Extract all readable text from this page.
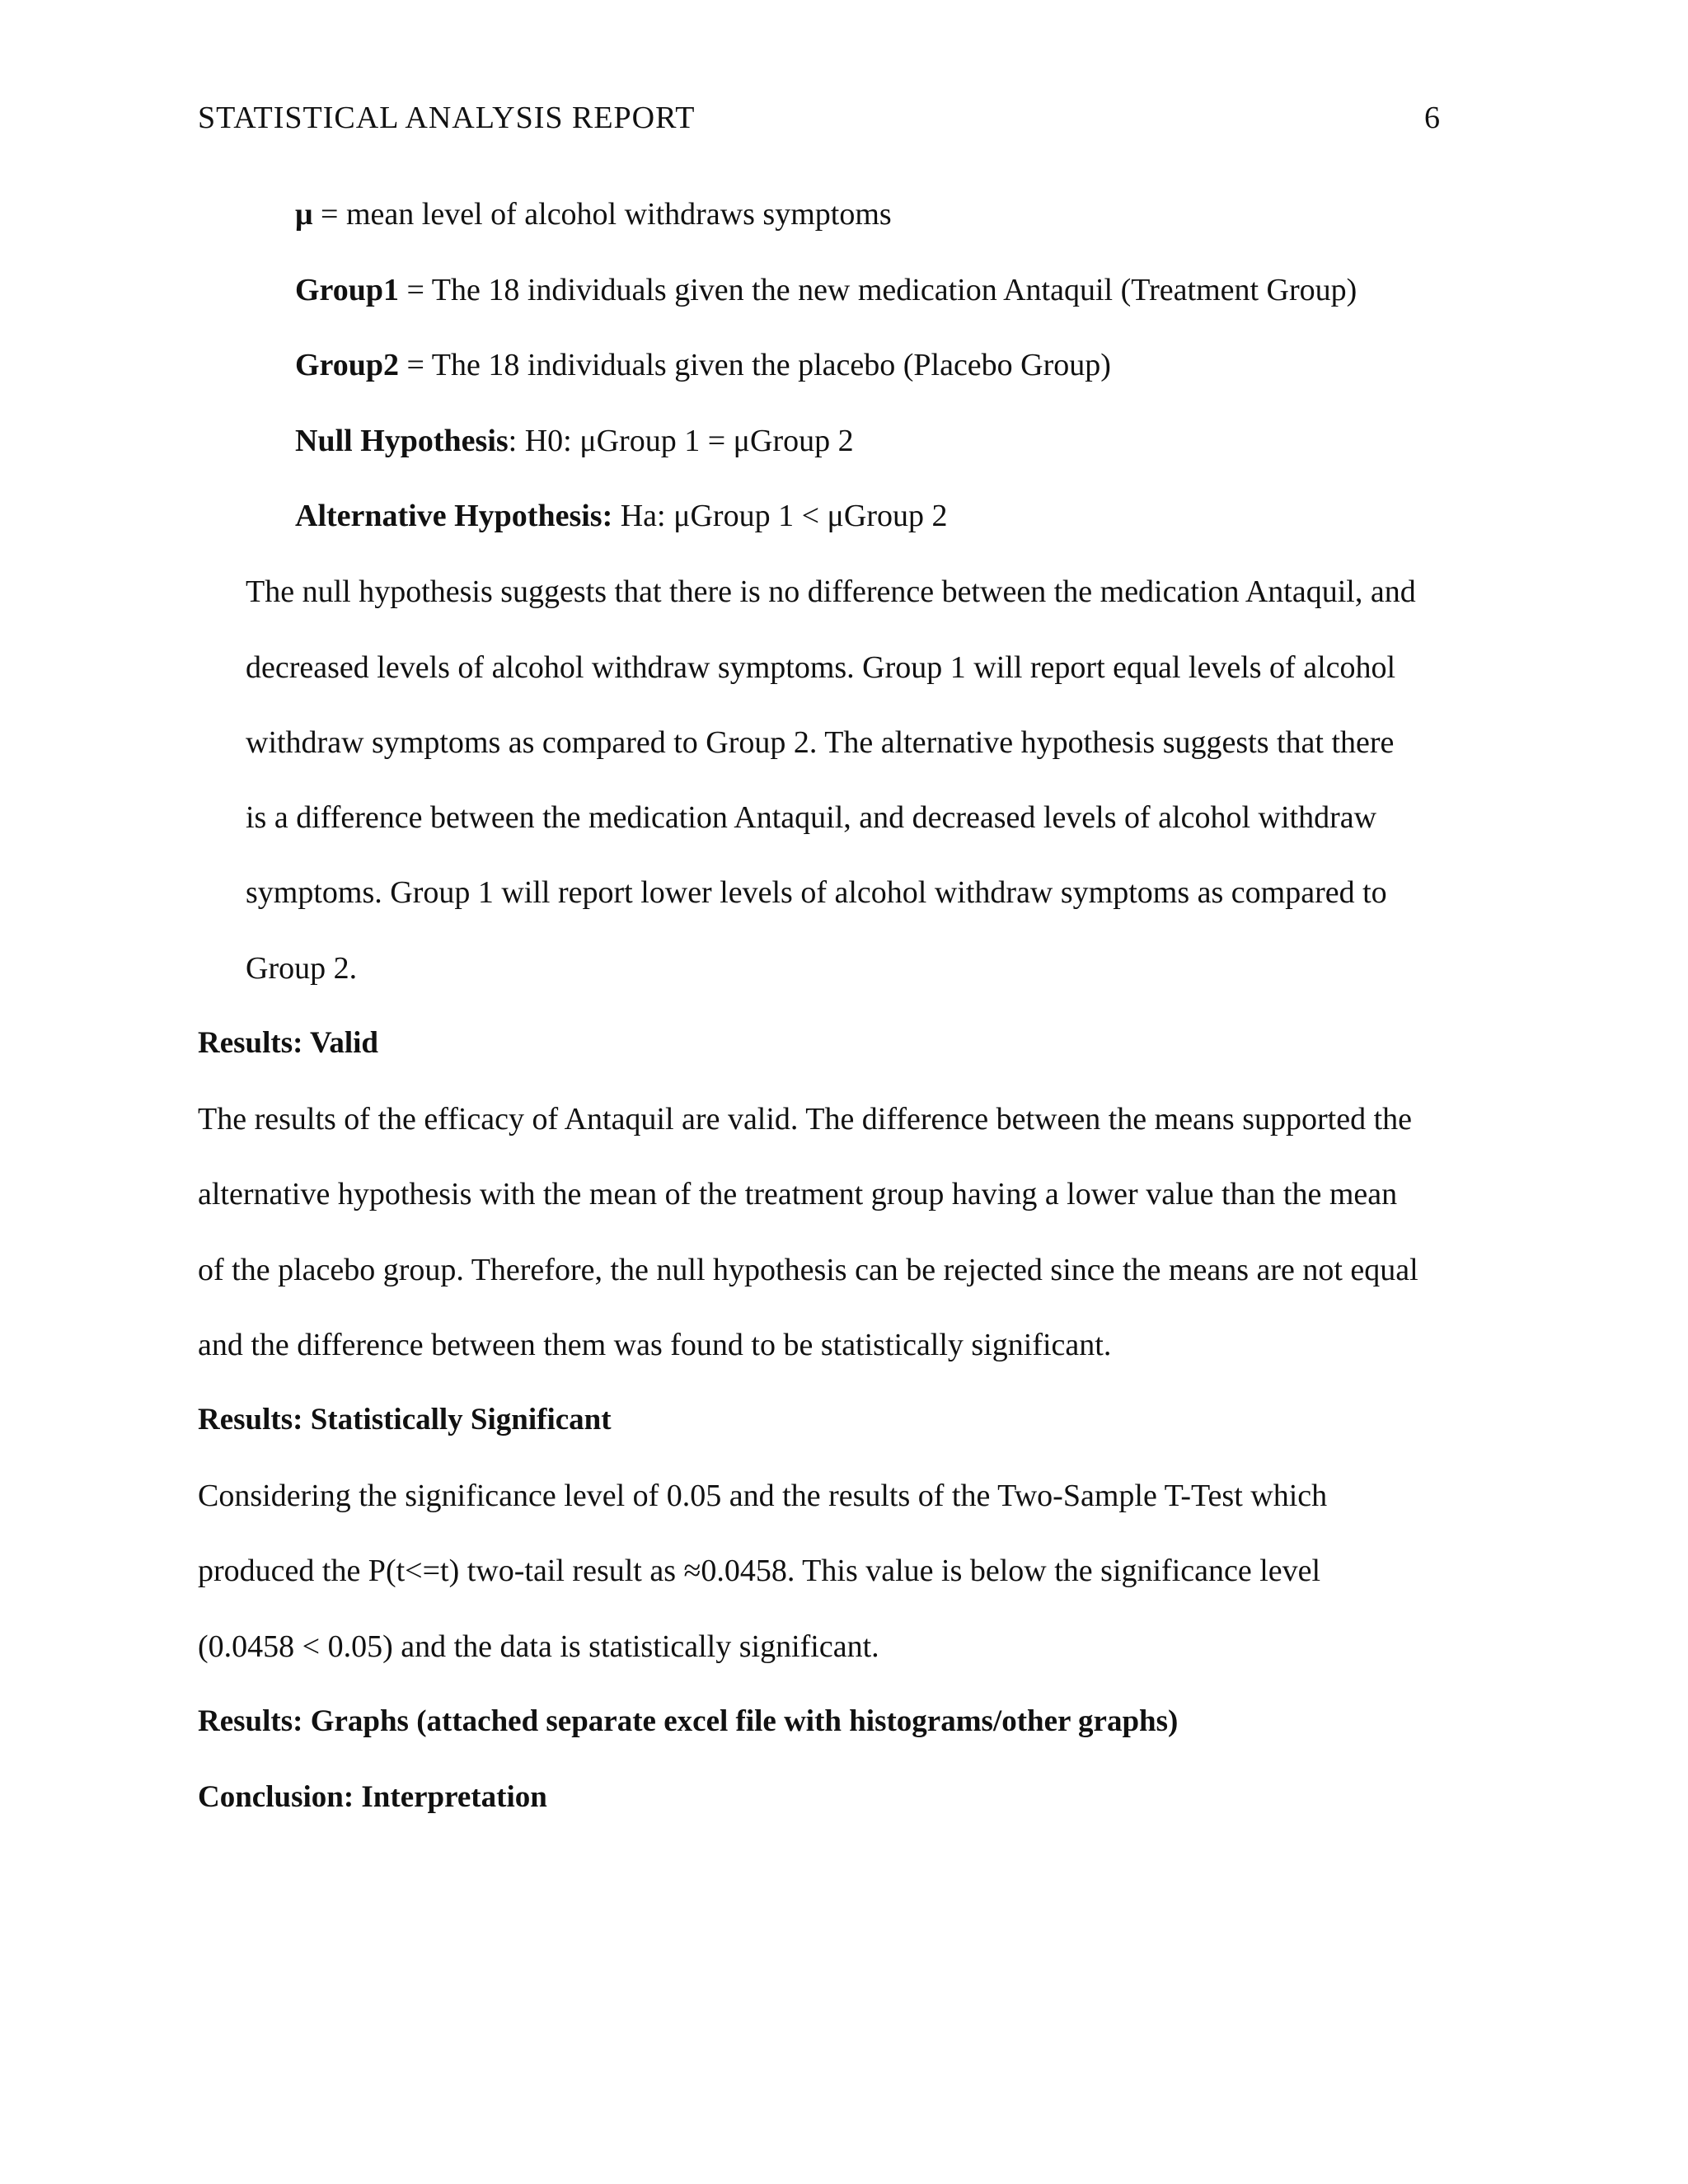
STATISTICAL ANALYSIS REPORT	6
μ = mean level of alcohol withdraws symptoms
Group1 = The 18 individuals given the new medication Antaquil (Treatment Group)
Group2 = The 18 individuals given the placebo (Placebo Group)
Null Hypothesis: H0: μGroup 1 = μGroup 2
Alternative Hypothesis: Ha: μGroup 1 < μGroup 2
The null hypothesis suggests that there is no difference between the medication Antaquil, and
decreased levels of alcohol withdraw symptoms. Group 1 will report equal levels of alcohol
withdraw symptoms as compared to Group 2. The alternative hypothesis suggests that there
is a difference between the medication Antaquil, and decreased levels of alcohol withdraw
symptoms. Group 1 will report lower levels of alcohol withdraw symptoms as compared to
Group 2.
Results: Valid
The results of the efficacy of Antaquil are valid. The difference between the means supported the
alternative hypothesis with the mean of the treatment group having a lower value than the mean
of the placebo group. Therefore, the null hypothesis can be rejected since the means are not equal
and the difference between them was found to be statistically significant.
Results: Statistically Significant
Considering the significance level of 0.05 and the results of the Two-Sample T-Test which
produced the P(t<=t) two-tail result as ≈0.0458. This value is below the significance level
(0.0458 < 0.05) and the data is statistically significant.
Results: Graphs (attached separate excel file with histograms/other graphs)
Conclusion: Interpretation
